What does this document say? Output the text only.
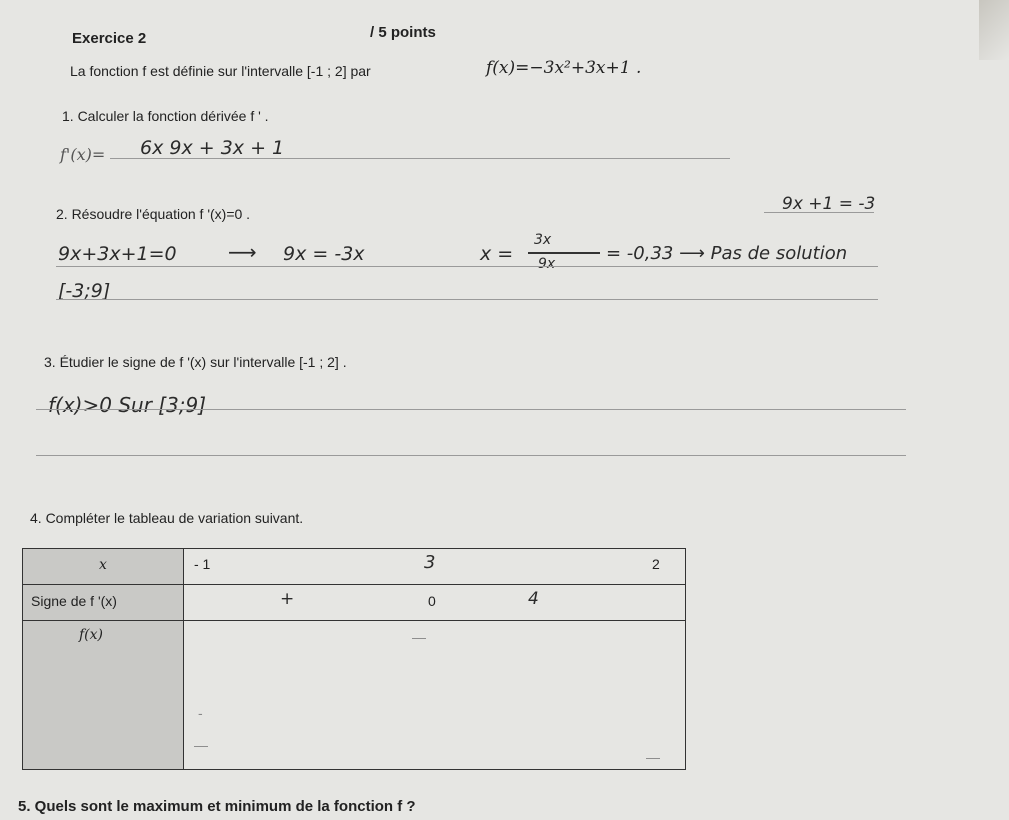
Exercice 2	/ 5 points
La fonction f est définie sur l'intervalle [-1 ; 2] par	f(x)=−3x²+3x+1 .
1. Calculer la fonction dérivée f ' .
f'(x)= 6x 9x + 3x + 1
2. Résoudre l'équation f '(x)=0 .	9x +1 = -3
9x+3x+1=0	⟶ 9x = -3x	x =
3x
9x	= -0,33 ⟶ Pas de solution
[-3;9]
3. Étudier le signe de f '(x) sur l'intervalle [-1 ; 2] .
f(x)>0 Sur [3;9]
4. Compléter le tableau de variation suivant.
x	- 1 3 2

Signe de f '(x)	+ 0 4

f(x)	—
-
—
—
5. Quels sont le maximum et minimum de la fonction f ?
